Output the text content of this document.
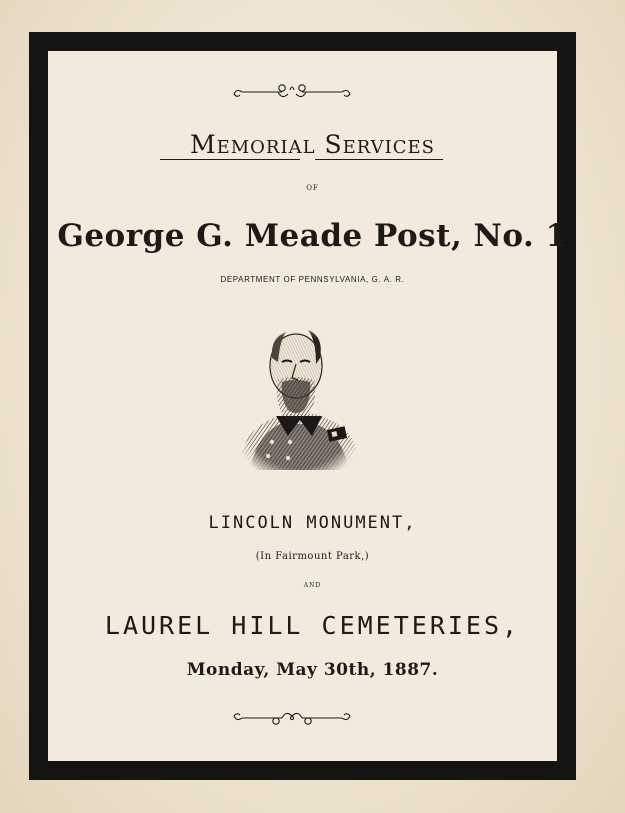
Memorial Services
OF
George G. Meade Post, No. 1
DEPARTMENT OF PENNSYLVANIA, G. A. R.
LINCOLN MONUMENT,
(In Fairmount Park,)
AND
LAUREL HILL CEMETERIES,
Monday, May 30th, 1887.
